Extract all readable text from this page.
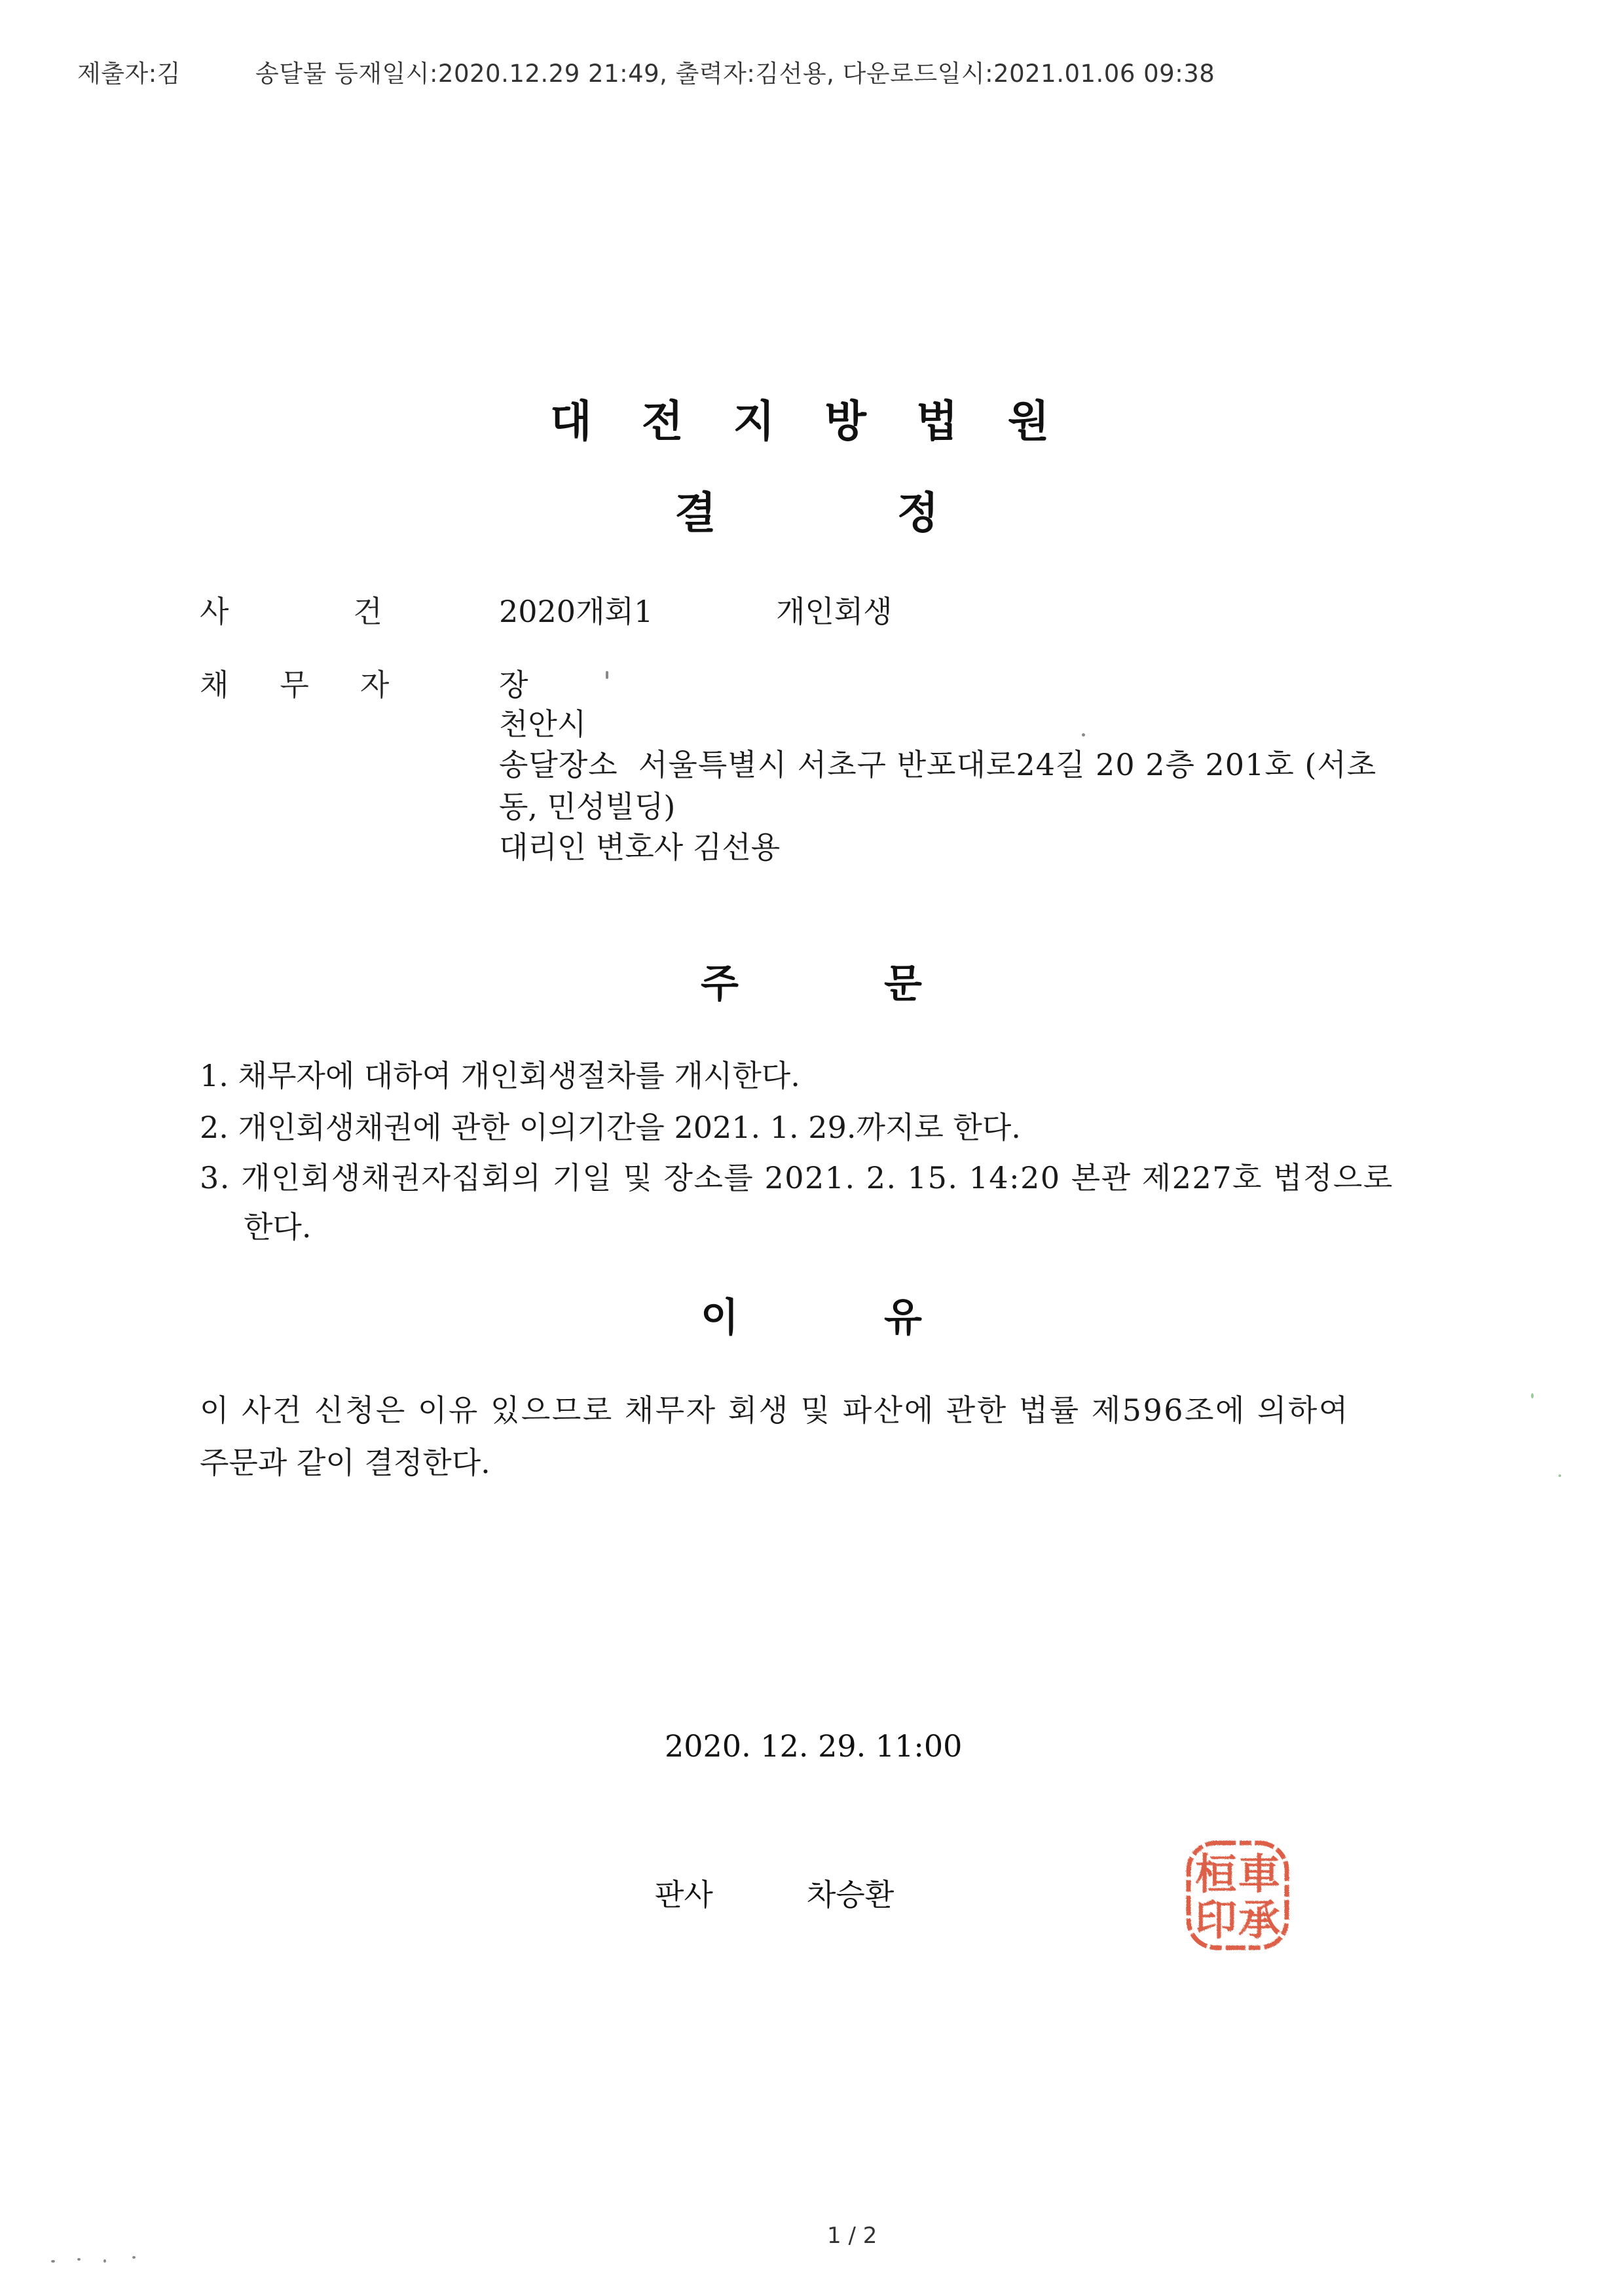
제출자:김	송달물 등재일시:2020.12.29 21:49, 출력자:김선용, 다운로드일시:2021.01.06 09:38
대전지방법원
결정
사건
2020개회1	개인회생
채무자 장
천안시
송달장소  서울특별시 서초구 반포대로24길 20 2층 201호 (서초
동, 민성빌딩)
대리인 변호사 김선용
주문
1. 채무자에 대하여 개인회생절차를 개시한다.
2. 개인회생채권에 관한 이의기간을 2021. 1. 29.까지로 한다.
3. 개인회생채권자집회의 기일 및 장소를 2021. 2. 15. 14:20 본관 제227호 법정으로
한다.
이유
이 사건 신청은 이유 있으므로 채무자 회생 및 파산에 관한 법률 제596조에 의하여
주문과 같이 결정한다.
2020. 12. 29. 11:00
판사	차승환	車
承
桓
印
1 / 2
